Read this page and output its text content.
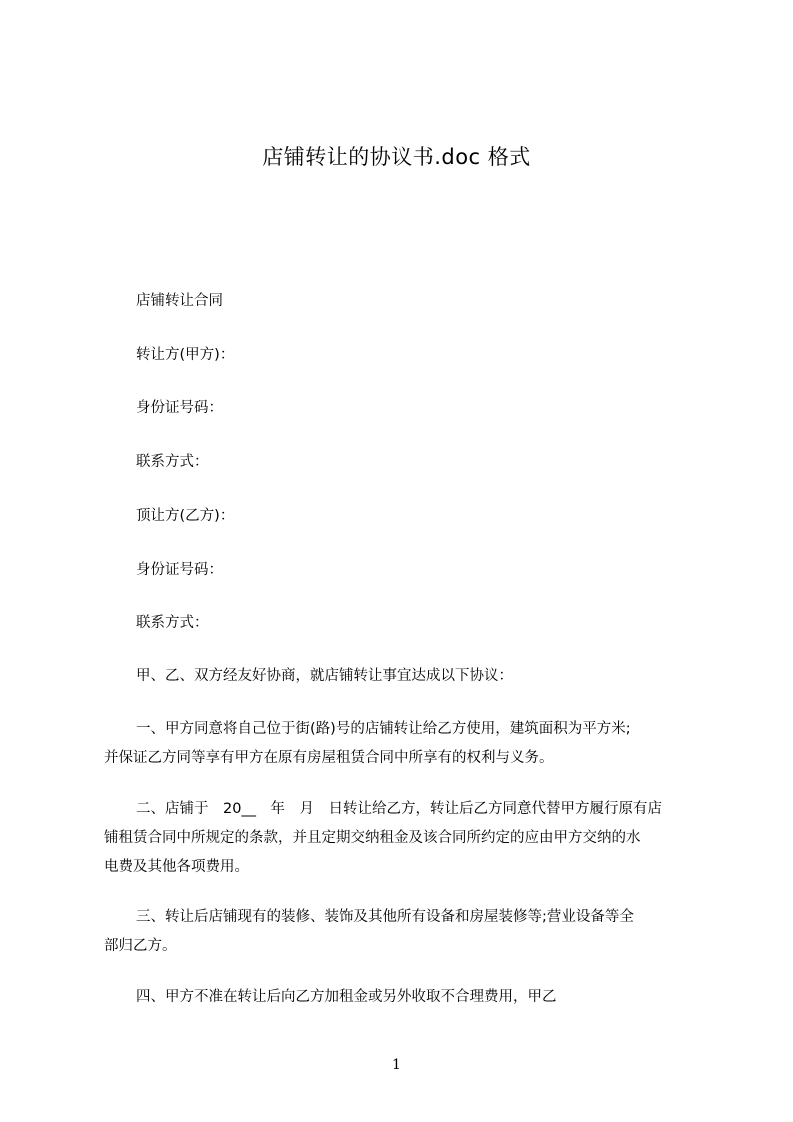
店铺转让的协议书.doc 格式
店铺转让合同
转让方(甲方)：
身份证号码：
联系方式：
顶让方(乙方)：
身份证号码：
联系方式：
甲、乙、双方经友好协商，就店铺转让事宜达成以下协议：
一、甲方同意将自己位于街(路)号的店铺转让给乙方使用，建筑面积为平方米;
并保证乙方同等享有甲方在原有房屋租赁合同中所享有的权利与义务。
二、店铺于　20__　年　月　日转让给乙方，转让后乙方同意代替甲方履行原有店
铺租赁合同中所规定的条款，并且定期交纳租金及该合同所约定的应由甲方交纳的水
电费及其他各项费用。
三、转让后店铺现有的装修、装饰及其他所有设备和房屋装修等;营业设备等全
部归乙方。
四、甲方不准在转让后向乙方加租金或另外收取不合理费用，甲乙
1
